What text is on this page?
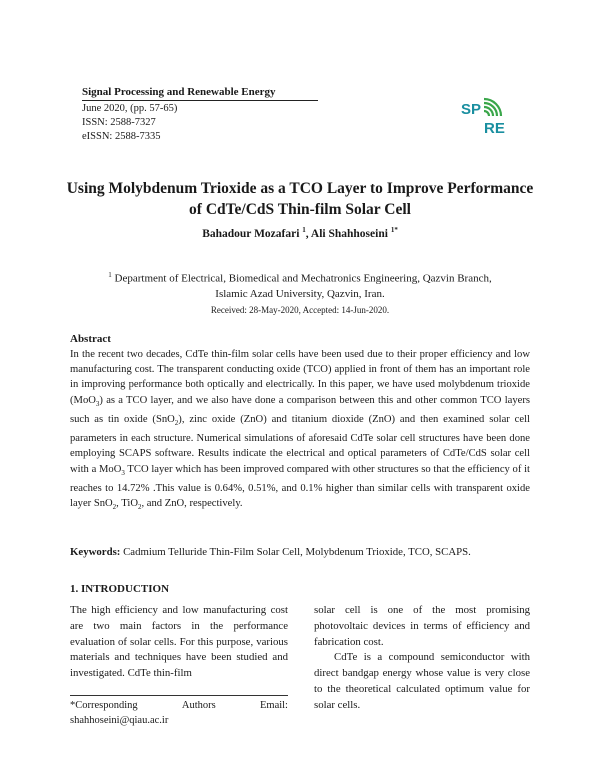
Signal Processing and Renewable Energy
June 2020, (pp. 57-65)
ISSN: 2588-7327
eISSN: 2588-7335
SP
RE
Using Molybdenum Trioxide as a TCO Layer to Improve Performance
of CdTe/CdS Thin-film Solar Cell
Bahadour Mozafari $^1$, Ali Shahhoseini $^{1*}$
$^1$ Department of Electrical, Biomedical and Mechatronics Engineering, Qazvin Branch,
Islamic Azad University, Qazvin, Iran.
Received: 28-May-2020, Accepted: 14-Jun-2020.
Abstract
In the recent two decades, CdTe thin-film solar cells have been used due to their proper efficiency and low manufacturing cost. The transparent conducting oxide (TCO) applied in front of them has an important role in improving performance both optically and electrically. In this paper, we have used molybdenum trioxide (MoO$_3$) as a TCO layer, and we also have done a comparison between this and other common TCO layers such as tin oxide (SnO$_2$), zinc oxide (ZnO) and titanium dioxide (ZnO) and then examined solar cell parameters in each structure. Numerical simulations of aforesaid CdTe solar cell structures have been done employing SCAPS software. Results indicate the electrical and optical parameters of CdTe/CdS solar cell with a MoO$_3$ TCO layer which has been improved compared with other structures so that the efficiency of it reaches to 14.72% .This value is 0.64%, 0.51%, and 0.1% higher than similar cells with transparent oxide layer SnO$_2$, TiO$_2$, and ZnO, respectively.
Keywords: Cadmium Telluride Thin-Film Solar Cell, Molybdenum Trioxide, TCO, SCAPS.
1. INTRODUCTION
The high efficiency and low manufacturing cost are two main factors in the performance evaluation of solar cells. For this purpose, various materials and techniques have been studied and investigated. CdTe thin-film

solar cell is one of the most promising photovoltaic devices in terms of efficiency and fabrication cost.

CdTe is a compound semiconductor with direct bandgap energy whose value is very close to the theoretical calculated optimum value for solar cells.

*Corresponding	Authors	Email:
shahhoseini@qiau.ac.ir
